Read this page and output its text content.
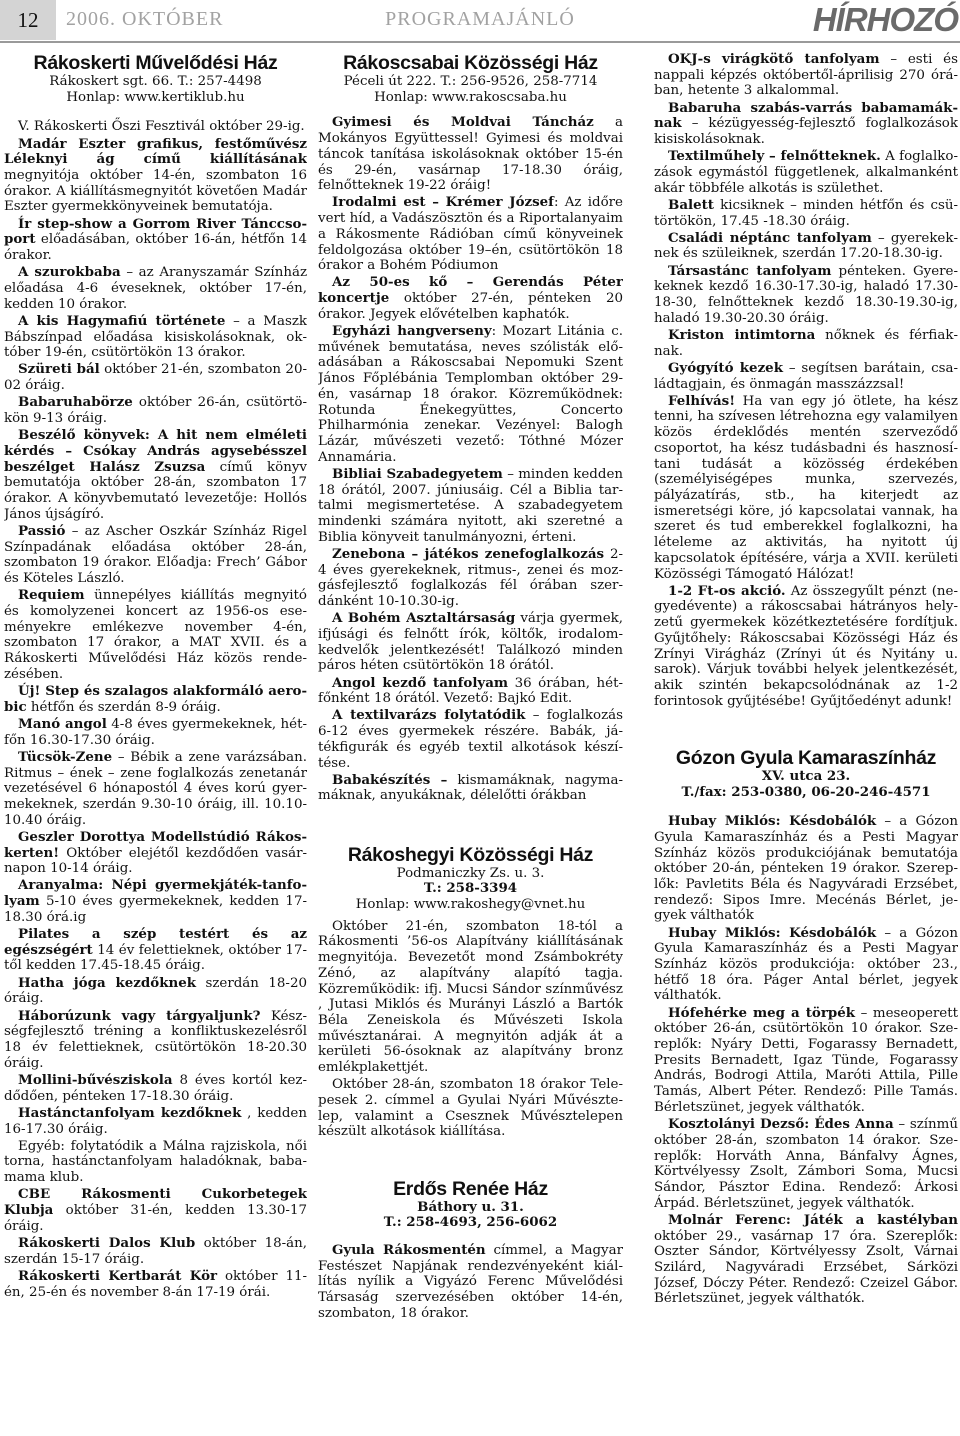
12	2006. OKTÓBER	PROGRAMAJÁNLÓ	HÍRHOZÓ
Rákoskerti Művelődési Ház
Rákoskert sgt. 66. T.: 257-4498
Honlap: www.kertiklub.hu

V. Rákoskerti Őszi Fesztivál október 29-ig.

Madár Eszter grafikus, festőművész Léleknyi ág című kiállításának megnyitója október 14-én, szombaton 16 órakor. A kiállításmegnyitót követően Madár Eszter gyermekkönyveinek bemutatója.

Ír step-show a Gorrom River Tánccsoport előadásában, október 16-án, hétfőn 14 órakor.

A szurokbaba – az Aranyszamár Színház előadása 4-6 éveseknek, október 17-én, kedden 10 órakor.

A kis Hagymafiú története – a Maszk Bábszínpad előadása kisiskolásoknak, október 19-én, csütörtökön 13 órakor.

Szüreti bál október 21-én, szombaton 20-02 óráig.

Babaruhabörze október 26-án, csütörtökön 9-13 óráig.

Beszélő könyvek: A hit nem elméleti kérdés – Csókay András agysebésszel beszélget Halász Zsuzsa című könyv bemutatója október 28-án, szombaton 17 órakor. A könyvbemutató levezetője: Hollós János újságíró.

Passió – az Ascher Oszkár Színház Rigel Színpadának előadása október 28-án, szombaton 19 órakor. Előadja: Frech’ Gábor és Köteles László.

Requiem ünnepélyes kiállítás megnyitó és komolyzenei koncert az 1956-os eseményekre emlékezve november 4-én, szombaton 17 órakor, a MAT XVII. és a Rákoskerti Művelődési Ház közös rendezésében.

Új! Step és szalagos alakformáló aerobic hétfőn és szerdán 8-9 óráig.

Manó angol 4-8 éves gyermekeknek, hétfőn 16.30-17.30 óráig.

Tücsök-Zene – Bébik a zene varázsában. Ritmus – ének – zene foglalkozás zenetanár vezetésével 6 hónapostól 4 éves korú gyermekeknek, szerdán 9.30-10 óráig, ill. 10.10-10.40 óráig.

Geszler Dorottya Modellstúdió Rákoskerten! Október elejétől kezdődően vasárnapon 10-14 óráig.

Aranyalma: Népi gyermekjáték-tanfolyam 5-10 éves gyermekeknek, kedden 17-18.30 órá.ig

Pilates a szép testért és az egészségért 14 év felettieknek, október 17-től kedden 17.45-18.45 óráig.

Hatha jóga kezdőknek szerdán 18-20 óráig.

Háborúzunk vagy tárgyaljunk? Készségfejlesztő tréning a konfliktuskezelésről 18 év felettieknek, csütörtökön 18-20.30 óráig.

Mollini-bűvésziskola 8 éves kortól kezdődően, pénteken 17-18.30 óráig.

Hastánctanfolyam kezdőknek , kedden 16-17.30 óráig.

Egyéb: folytatódik a Málna rajziskola, női torna, hastánctanfolyam haladóknak, baba-mama klub.

CBE Rákosmenti Cukorbetegek Klubja október 31-én, kedden 13.30-17 óráig.

Rákoskerti Dalos Klub október 18-án, szerdán 15-17 óráig.

Rákoskerti Kertbarát Kör október 11-én, 25-én és november 8-án 17-19 órái.

Rákoscsabai Közösségi Ház
Péceli út 222. T.: 256-9526, 258-7714
Honlap: www.rakoscsaba.hu

Gyimesi és Moldvai Táncház a Mokányos Együttessel! Gyimesi és moldvai táncok tanítása iskolásoknak október 15-én és 29-én, vasárnap 17-18.30 óráig, felnőtteknek 19-22 óráig!

Irodalmi est – Krémer József: Az időre vert híd, a Vadászösztön és a Riportalanyaim a Rákosmente Rádióban című könyveinek feldolgozása október 19–én, csütörtökön 18 órakor a Bohém Pódiumon

Az 50-es kő – Gerendás Péter koncertje október 27-én, pénteken 20 órakor. Jegyek elővételben kaphatók.

Egyházi hangverseny: Mozart Litánia c. művének bemutatása, neves szólisták előadásában a Rákoscsabai Nepomuki Szent János Főplébánia Templomban október 29-én, vasárnap 18 órakor. Közreműködnek: Rotunda Énekegyüttes, Concerto Philharmónia zenekar. Vezényel: Balogh Lázár, művészeti vezető: Tóthné Mózer Annamária.

Bibliai Szabadegyetem – minden kedden 18 órától, 2007. júniusáig. Cél a Biblia tartalmi megismertetése. A szabadegyetem mindenki számára nyitott, aki szeretné a Biblia könyveit tanulmányozni, érteni.

Zenebona – játékos zenefoglalkozás 2-4 éves gyerekeknek, ritmus-, zenei és mozgásfejlesztő foglalkozás fél órában szerdánként 10-10.30-ig.

A Bohém Asztaltársaság várja gyermek, ifjúsági és felnőtt írók, költők, irodalomkedvelők jelentkezését! Találkozó minden páros héten csütörtökön 18 órától.

Angol kezdő tanfolyam 36 órában, hétfőnként 18 órától. Vezető: Bajkó Edit.

A textilvarázs folytatódik – foglalkozás 6-12 éves gyermekek részére. Babák, játékfigurák és egyéb textil alkotások készítése.

Babakészítés – kismamáknak, nagymamáknak, anyukáknak, délelőtti órákban

Rákoshegyi Közösségi Ház
Podmaniczky Zs. u. 3.
T.: 258-3394
Honlap: www.rakoshegy@vnet.hu

Október 21-én, szombaton 18-tól a Rákosmenti ’56-os Alapítvány kiállításának megnyitója. Bevezetőt mond Zsámbokréty Zénó, az alapítvány alapító tagja. Közreműködik: ifj. Mucsi Sándor színművész , Jutasi Miklós és Murányi László a Bartók Béla Zeneiskola és Művészeti Iskola művésztanárai. A megnyitón adják át a kerületi 56-ósoknak az alapítvány bronz emlékplakettjét.

Október 28-án, szombaton 18 órakor Telepesek 2. címmel a Gyulai Nyári Művésztelep, valamint a Csesznek Művésztelepen készült alkotások kiállítása.

Erdős Renée Ház
Báthory u. 31.
T.: 258-4693, 256-6062

Gyula Rákosmentén címmel, a Magyar Festészet Napjának rendezvényeként kiállítás nyílik a Vigyázó Ferenc Művelődési Társaság szervezésében október 14-én, szombaton, 18 órakor.

OKJ-s virágkötő tanfolyam – esti és nappali képzés októbertől-áprilisig 270 órában, hetente 3 alkalommal.

Babaruha szabás-varrás babamamáknak – kézügyesség-fejlesztő foglalkozások kisiskolásoknak.

Textilműhely – felnőtteknek. A foglalkozások egymástól függetlenek, alkalmanként akár többféle alkotás is születhet.

Balett kicsiknek – minden hétfőn és csütörtökön, 17.45 -18.30 óráig.

Családi néptánc tanfolyam – gyerekeknek és szüleiknek, szerdán 17.20-18.30-ig.

Társastánc tanfolyam pénteken. Gyerekeknek kezdő 16.30-17.30-ig, haladó 17.30-18-30, felnőtteknek kezdő 18.30-19.30-ig, haladó 19.30-20.30 óráig.

Kriston intimtorna nőknek és férfiaknak.

Gyógyító kezek – segítsen barátain, családtagjain, és önmagán masszázzsal!

Felhívás! Ha van egy jó ötlete, ha kész tenni, ha szívesen létrehozna egy valamilyen közös érdeklődés mentén szerveződő csoportot, ha kész tudásbadni és hasznosítani tudását a közösség érdekében (személyiségépes munka, szervezés, pályázatírás, stb., ha kiterjedt az ismeretségi köre, jó kapcsolatai vannak, ha szeret és tud emberekkel foglalkozni, ha lételeme az aktivitás, ha nyitott új kapcsolatok építésére, várja a XVII. kerületi Közösségi Támogató Hálózat!

1-2 Ft-os akció. Az összegyűlt pénzt (negyedévente) a rákoscsabai hátrányos helyzetű gyermekek közétkeztetésére fordítjuk. Gyűjtőhely: Rákoscsabai Közösségi Ház és Zrínyi Virágház (Zrínyi út és Nyitány u. sarok). Várjuk további helyek jelentkezését, akik szintén bekapcsolódnának az 1-2 forintosok gyűjtésébe! Gyűjtőedényt adunk!

Gózon Gyula Kamaraszínház
XV. utca 23.
T./fax: 253-0380, 06-20-246-4571

Hubay Miklós: Késdobálók – a Gózon Gyula Kamaraszínház és a Pesti Magyar Színház közös produkciójának bemutatója október 20-án, pénteken 19 órakor. Szereplők: Pavletits Béla és Nagyváradi Erzsébet, rendező: Sipos Imre. Mecénás Bérlet, jegyek válthatók

Hubay Miklós: Késdobálók – a Gózon Gyula Kamaraszínház és a Pesti Magyar Színház közös produkciója: október 23., hétfő 18 óra. Páger Antal bérlet, jegyek válthatók.

Hófehérke meg a törpék – meseoperett október 26-án, csütörtökön 10 órakor. Szereplők: Nyáry Detti, Fogarassy Bernadett, Presits Bernadett, Igaz Tünde, Fogarassy András, Bodrogi Attila, Maróti Attila, Pille Tamás, Albert Péter. Rendező: Pille Tamás. Bérletszünet, jegyek válthatók.

Kosztolányi Dezső: Édes Anna – színmű október 28-án, szombaton 14 órakor. Szereplők: Horváth Anna, Bánfalvy Ágnes, Körtvélyessy Zsolt, Zámbori Soma, Mucsi Sándor, Pásztor Edina. Rendező: Árkosi Árpád. Bérletszünet, jegyek válthatók.

Molnár Ferenc: Játék a kastélyban október 29., vasárnap 17 óra. Szereplők: Oszter Sándor, Körtvélyessy Zsolt, Várnai Szilárd, Nagyváradi Erzsébet, Sárközi József, Dóczy Péter. Rendező: Czeizel Gábor. Bérletszünet, jegyek válthatók.
